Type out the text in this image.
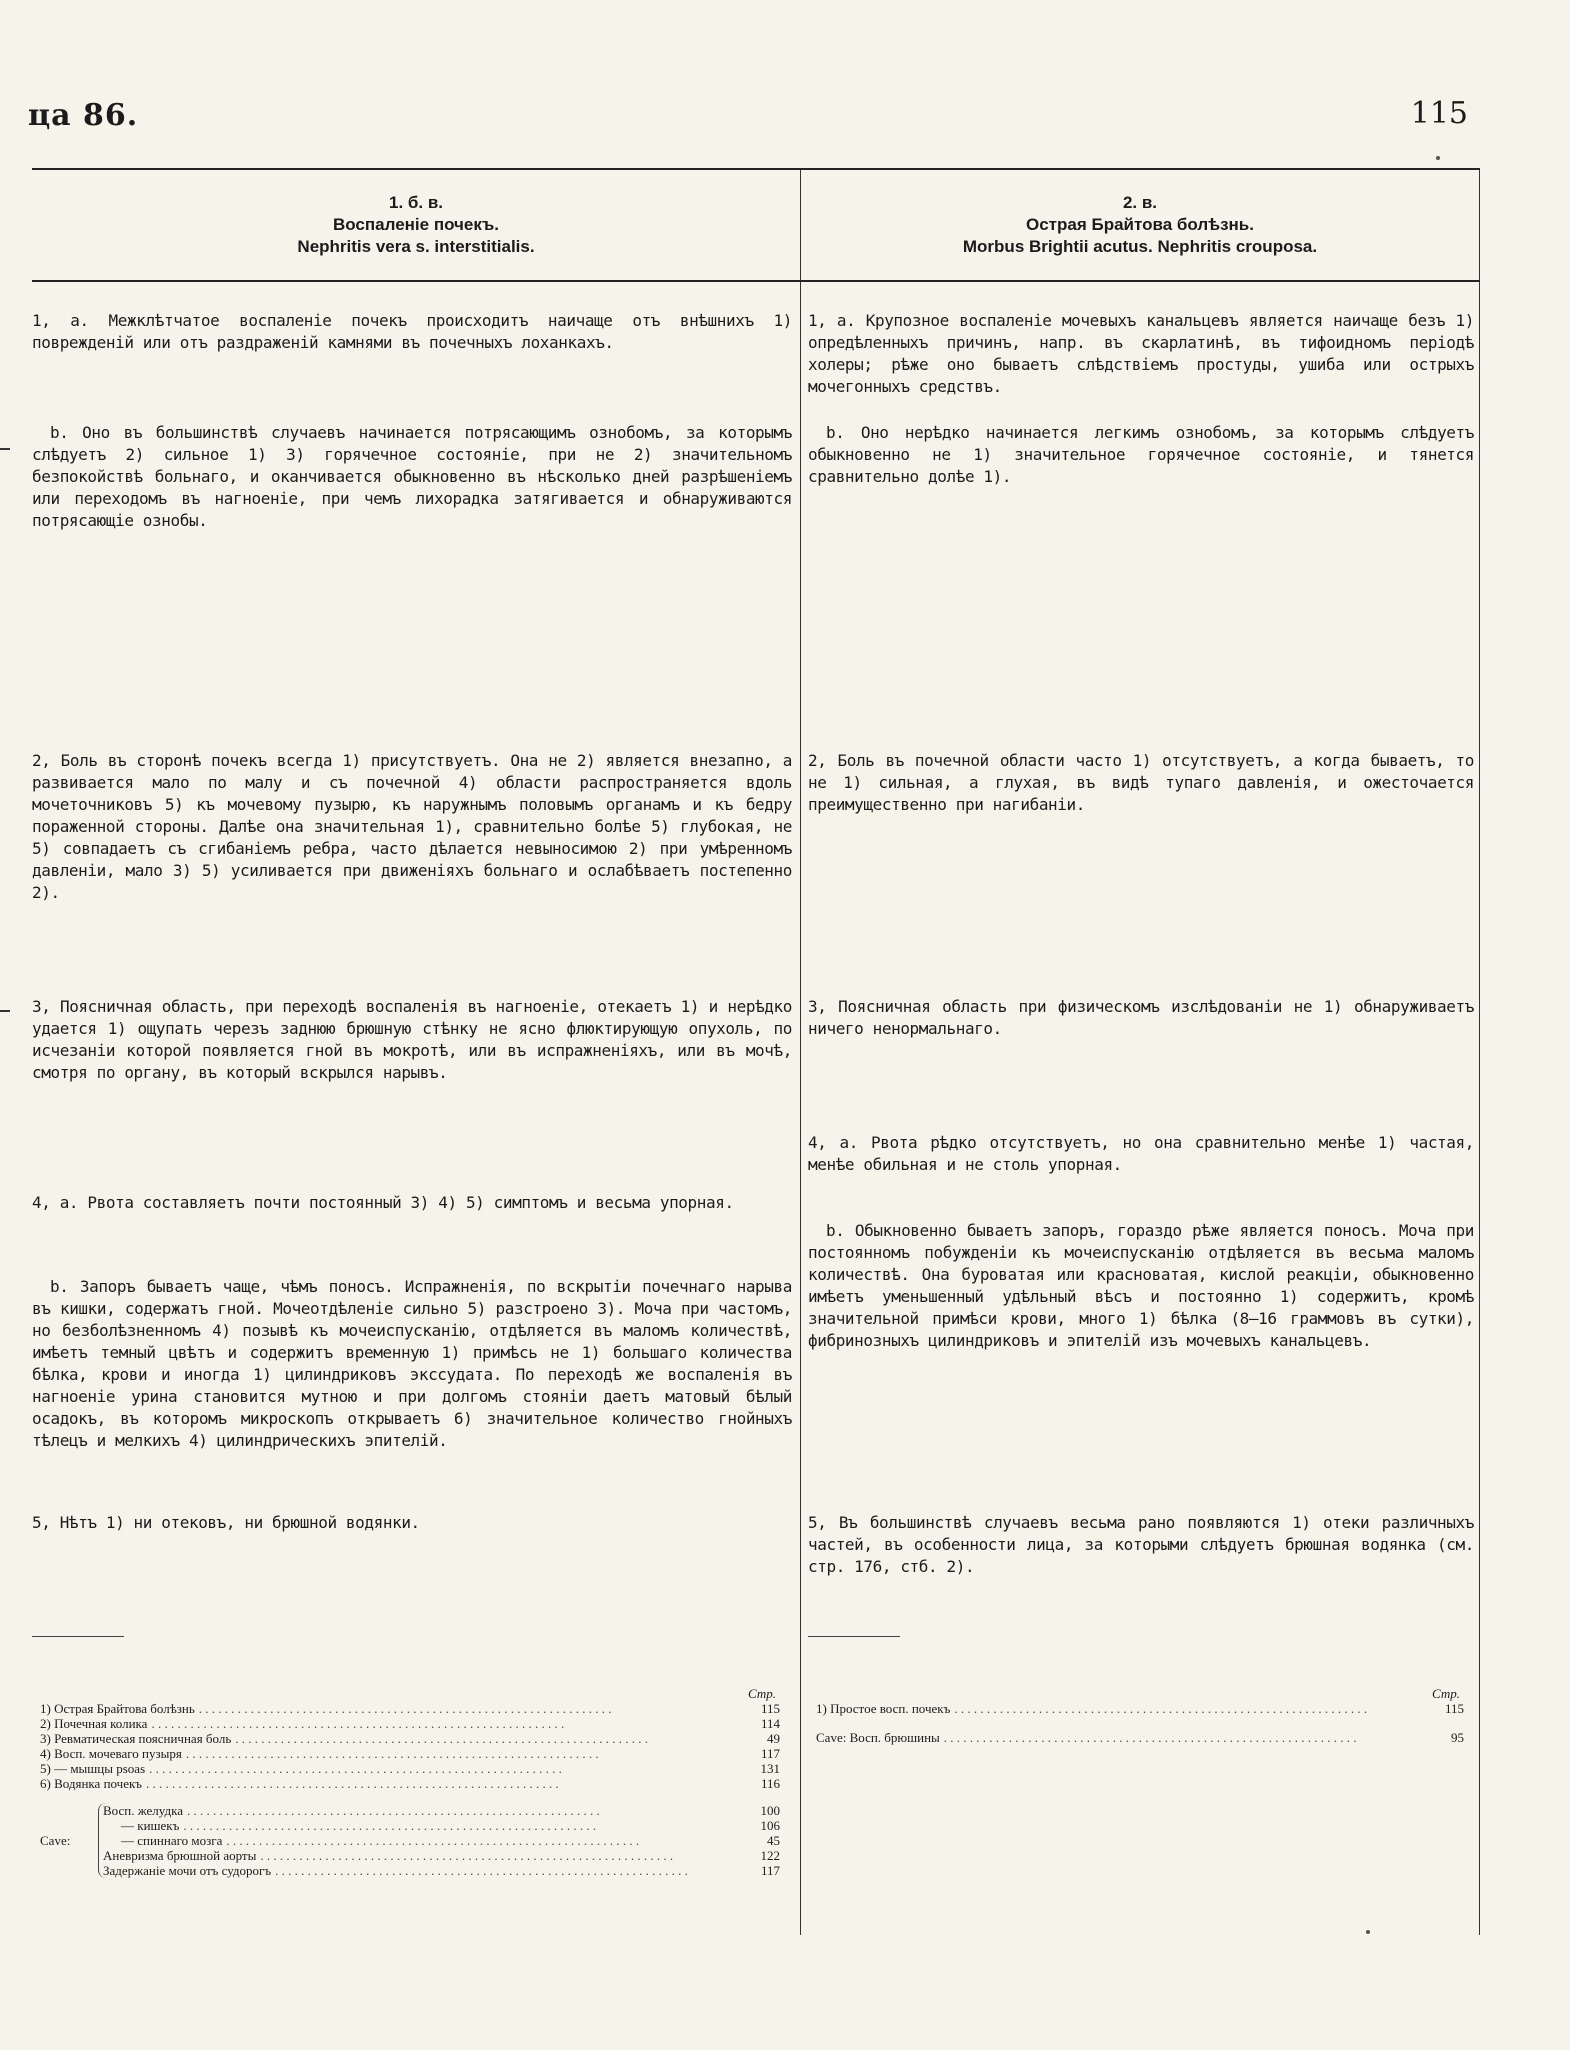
ца 86.	115
1. б. в.
Воспаленіе почекъ.
Nephritis vera s. interstitialis.
2. в.
Острая Брайтова болѣзнь.
Morbus Brightii acutus. Nephritis crouposa.

1, а. Межклѣтчатое воспаленіе почекъ происходитъ наичаще отъ внѣшнихъ 1) поврежденій или отъ раздраженій камнями въ почечныхъ лоханкахъ.

b. Оно въ большинствѣ случаевъ начинается потрясающимъ ознобомъ, за которымъ слѣдуетъ 2) сильное 1) 3) горячечное состояніе, при не 2) значительномъ безпокойствѣ больнаго, и оканчивается обыкновенно въ нѣсколько дней разрѣшеніемъ или переходомъ въ нагноеніе, при чемъ лихорадка затягивается и обнаруживаются потрясающіе ознобы.

2, Боль въ сторонѣ почекъ всегда 1) присутствуетъ. Она не 2) является внезапно, а развивается мало по малу и съ почечной 4) области распространяется вдоль мочеточниковъ 5) къ мочевому пузырю, къ наружнымъ половымъ органамъ и къ бедру пораженной стороны. Далѣе она значительная 1), сравнительно болѣе 5) глубокая, не 5) совпадаетъ съ сгибаніемъ ребра, часто дѣлается невыносимою 2) при умѣренномъ давленіи, мало 3) 5) усиливается при движеніяхъ больнаго и ослабѣваетъ постепенно 2).

3, Поясничная область, при переходѣ воспаленія въ нагноеніе, отекаетъ 1) и нерѣдко удается 1) ощупать черезъ заднюю брюшную стѣнку не ясно флюктирующую опухоль, по исчезаніи которой появляется гной въ мокротѣ, или въ испражненіяхъ, или въ мочѣ, смотря по органу, въ который вскрылся нарывъ.

4, а. Рвота составляетъ почти постоянный 3) 4) 5) симптомъ и весьма упорная.

b. Запоръ бываетъ чаще, чѣмъ поносъ. Испражненія, по вскрытіи почечнаго нарыва въ кишки, содержатъ гной. Мочеотдѣленіе сильно 5) разстроено 3). Моча при частомъ, но безболѣзненномъ 4) позывѣ къ мочеиспусканію, отдѣляется въ маломъ количествѣ, имѣетъ темный цвѣтъ и содержитъ временную 1) примѣсь не 1) большаго количества бѣлка, крови и иногда 1) цилиндриковъ экссудата. По переходѣ же воспаленія въ нагноеніе урина становится мутною и при долгомъ стояніи даетъ матовый бѣлый осадокъ, въ которомъ микроскопъ открываетъ 6) значительное количество гнойныхъ тѣлецъ и мелкихъ 4) цилиндрическихъ эпителій.

5, Нѣтъ 1) ни отековъ, ни брюшной водянки.

1, а. Крупозное воспаленіе мочевыхъ канальцевъ является наичаще безъ 1) опредѣленныхъ причинъ, напр. въ скарлатинѣ, въ тифоидномъ періодѣ холеры; рѣже оно бываетъ слѣдствіемъ простуды, ушиба или острыхъ мочегонныхъ средствъ.

b. Оно нерѣдко начинается легкимъ ознобомъ, за которымъ слѣдуетъ обыкновенно не 1) значительное горячечное состояніе, и тянется сравнительно долѣе 1).

2, Боль въ почечной области часто 1) отсутствуетъ, а когда бываетъ, то не 1) сильная, а глухая, въ видѣ тупаго давленія, и ожесточается преимущественно при нагибаніи.

3, Поясничная область при физическомъ изслѣдованіи не 1) обнаруживаетъ ничего ненормальнаго.

4, а. Рвота рѣдко отсутствуетъ, но она сравнительно менѣе 1) частая, менѣе обильная и не столь упорная.

b. Обыкновенно бываетъ запоръ, гораздо рѣже является поносъ. Моча при постоянномъ побужденіи къ мочеиспусканію отдѣляется въ весьма маломъ количествѣ. Она буроватая или красноватая, кислой реакціи, обыкновенно имѣетъ уменьшенный удѣльный вѣсъ и постоянно 1) содержитъ, кромѣ значительной примѣси крови, много 1) бѣлка (8—16 граммовъ въ сутки), фибринозныхъ цилиндриковъ и эпителій изъ мочевыхъ канальцевъ.

5, Въ большинствѣ случаевъ весьма рано появляются 1) отеки различныхъ частей, въ особенности лица, за которыми слѣдуетъ брюшная водянка (см. стр. 176, стб. 2).

Стр.
1) Острая Брайтова болѣзнь . . .	115
2) Почечная колика . . .	114
3) Ревматическая поясничная боль . . .	49
4) Восп. мочеваго пузыря . . .	117
5) — мышцы psoas . . .	131
6) Водянка почекъ . . .	116
Cave:
Восп. желудка . . .	100
— кишекъ . . .	106
— спиннаго мозга . . .	45
Аневризма брюшной аорты . . .	122
Задержаніе мочи отъ судорогъ . . .	117
Стр.
1) Простое восп. почекъ . . .	115
Cave: Восп. брюшины . . .	95
